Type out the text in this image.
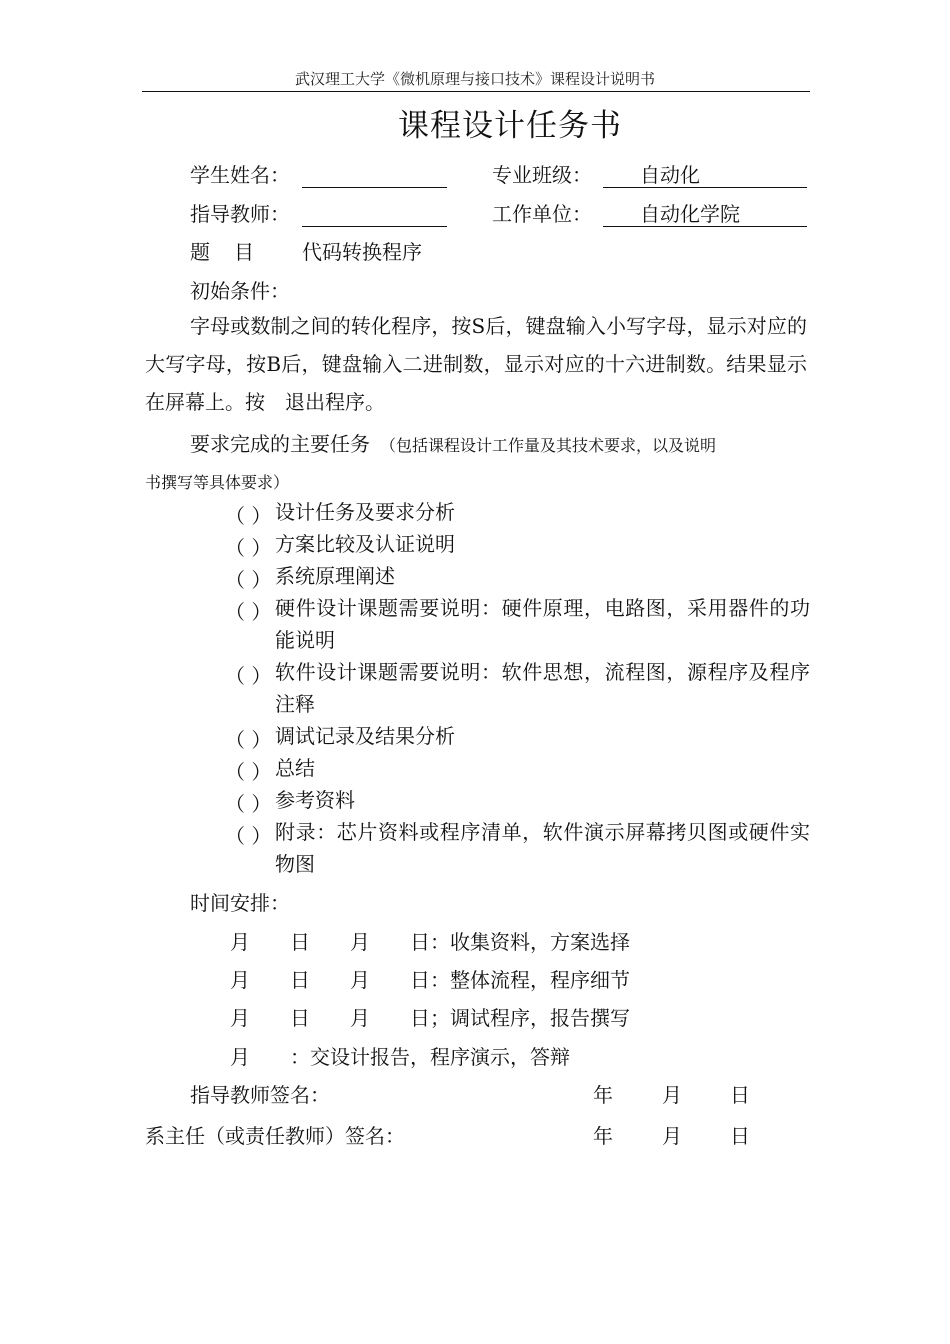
武汉理工大学《微机原理与接口技术》课程设计说明书
课程设计任务书
学生姓名：	专业班级： 自动化
指导教师：	工作单位： 自动化学院
题　目 代码转换程序
初始条件：
字母或数制之间的转化程序，按S后，键盘输入小写字母，显示对应的大写字母，按B后，键盘输入二进制数，显示对应的十六进制数。结果显示在屏幕上。按　退出程序。
要求完成的主要任务 （包括课程设计工作量及其技术要求，以及说明
书撰写等具体要求）
（ ） 设计任务及要求分析
（ ） 方案比较及认证说明
（ ） 系统原理阐述
（ ） 硬件设计课题需要说明：硬件原理，电路图，采用器件的功能说明
（ ） 软件设计课题需要说明：软件思想，流程图，源程序及程序注释
（ ） 调试记录及结果分析
（ ） 总结
（ ） 参考资料
（ ） 附录：芯片资料或程序清单，软件演示屏幕拷贝图或硬件实物图
时间安排：
月　　日　　月　　日：收集资料，方案选择
月　　日　　月　　日：整体流程，程序细节
月　　日　　月　　日；调试程序，报告撰写
月　　：交设计报告，程序演示，答辩
指导教师签名：	年 月 日
系主任（或责任教师）签名：	年 月 日
